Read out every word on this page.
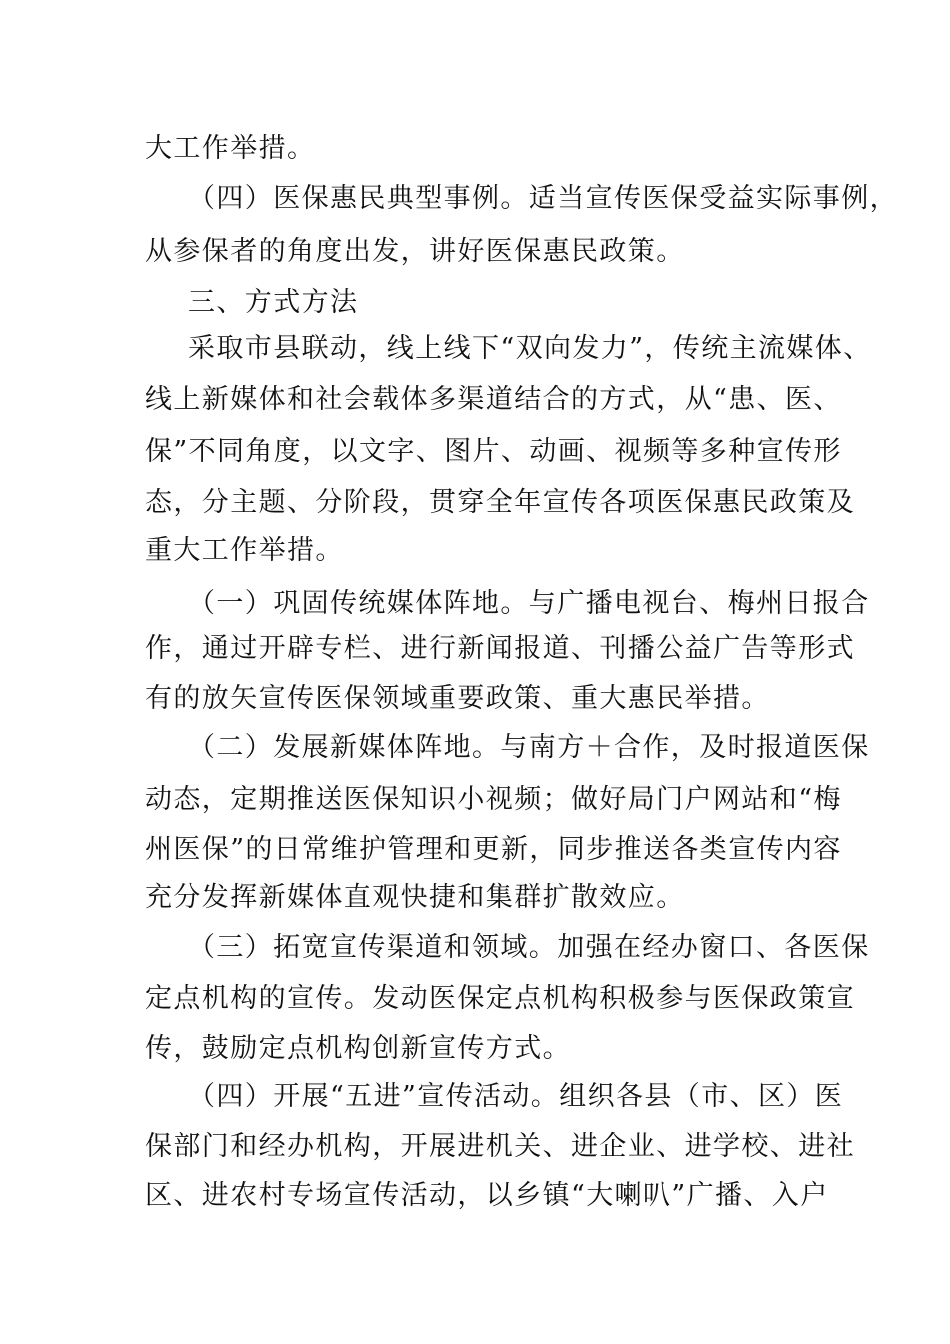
大工作举措。
（四）医保惠民典型事例。适当宣传医保受益实际事例，
从参保者的角度出发，讲好医保惠民政策。
三、方式方法
采取市县联动，线上线下“双向发力”，传统主流媒体、
线上新媒体和社会载体多渠道结合的方式，从“患、医、
保”不同角度，以文字、图片、动画、视频等多种宣传形
态，分主题、分阶段，贯穿全年宣传各项医保惠民政策及
重大工作举措。
（一）巩固传统媒体阵地。与广播电视台、梅州日报合
作，通过开辟专栏、进行新闻报道、刊播公益广告等形式
有的放矢宣传医保领域重要政策、重大惠民举措。
（二）发展新媒体阵地。与南方＋合作，及时报道医保
动态，定期推送医保知识小视频；做好局门户网站和“梅
州医保”的日常维护管理和更新，同步推送各类宣传内容
充分发挥新媒体直观快捷和集群扩散效应。
（三）拓宽宣传渠道和领域。加强在经办窗口、各医保
定点机构的宣传。发动医保定点机构积极参与医保政策宣
传，鼓励定点机构创新宣传方式。
（四）开展“五进”宣传活动。组织各县（市、区）医
保部门和经办机构，开展进机关、进企业、进学校、进社
区、进农村专场宣传活动，以乡镇“大喇叭”广播、入户
